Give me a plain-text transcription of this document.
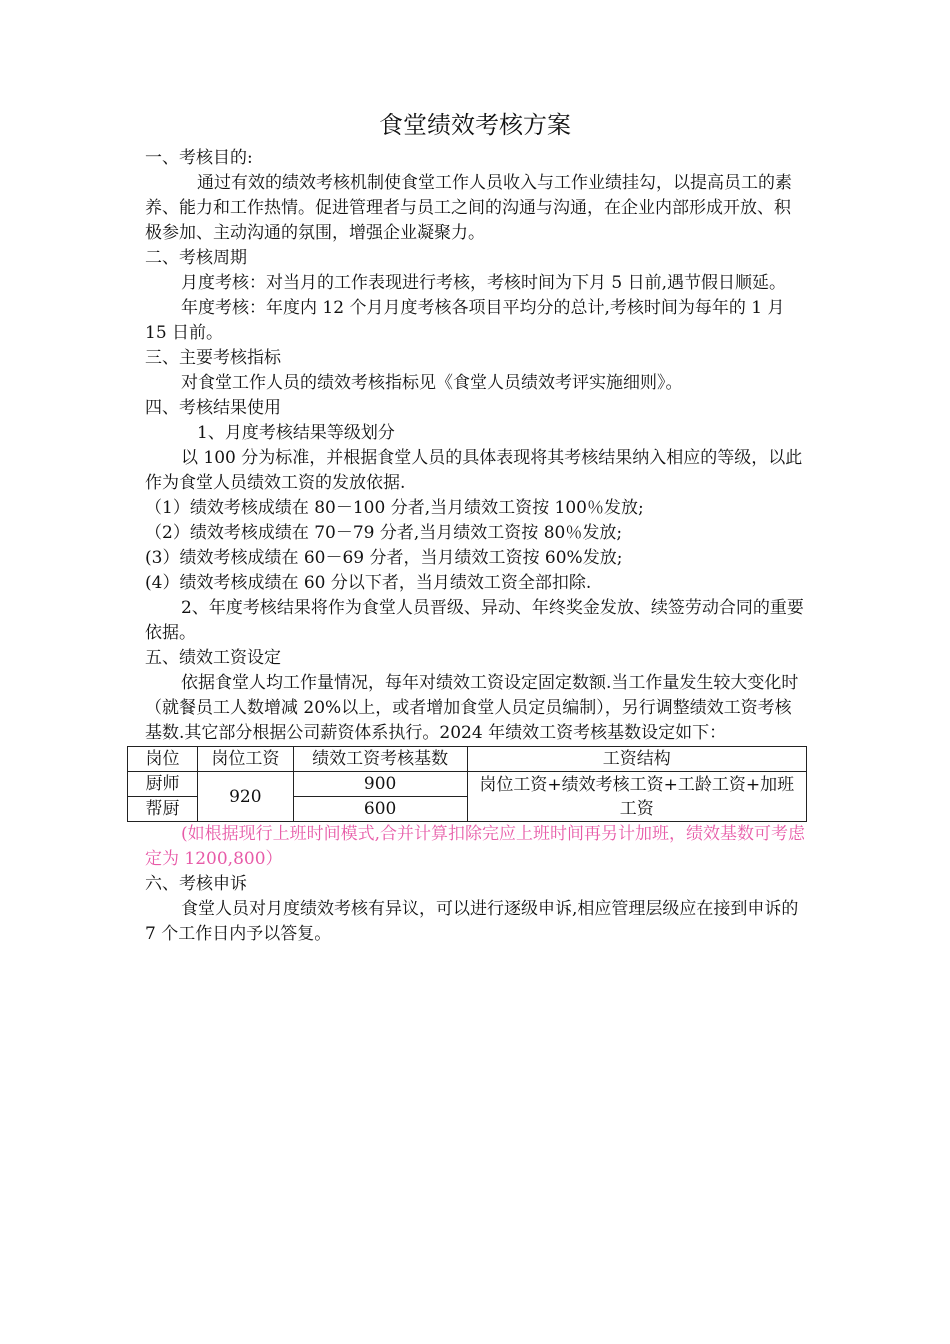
食堂绩效考核方案

一、考核目的:

通过有效的绩效考核机制使食堂工作人员收入与工作业绩挂勾，以提高员工的素养、能力和工作热情。促进管理者与员工之间的沟通与沟通，在企业内部形成开放、积极参加、主动沟通的氛围，增强企业凝聚力。

二、考核周期

月度考核：对当月的工作表现进行考核，考核时间为下月 5 日前,遇节假日顺延。

年度考核：年度内 12 个月月度考核各项目平均分的总计,考核时间为每年的 1 月 15 日前。

三、主要考核指标

对食堂工作人员的绩效考核指标见《食堂人员绩效考评实施细则》。

四、考核结果使用

1、月度考核结果等级划分

以 100 分为标准，并根据食堂人员的具体表现将其考核结果纳入相应的等级，以此作为食堂人员绩效工资的发放依据.

（1）绩效考核成绩在 80－100 分者,当月绩效工资按 100％发放;

（2）绩效考核成绩在 70－79 分者,当月绩效工资按 80％发放;

(3）绩效考核成绩在 60－69 分者，当月绩效工资按 60%发放;

(4）绩效考核成绩在 60 分以下者，当月绩效工资全部扣除.

2、年度考核结果将作为食堂人员晋级、异动、年终奖金发放、续签劳动合同的重要依据。

五、绩效工资设定

依据食堂人均工作量情况，每年对绩效工资设定固定数额.当工作量发生较大变化时（就餐员工人数增减 20%以上，或者增加食堂人员定员编制），另行调整绩效工资考核基数.其它部分根据公司薪资体系执行。2024 年绩效工资考核基数设定如下：

岗位	岗位工资	绩效工资考核基数	工资结构
厨师	920	900	岗位工资+绩效考核工资+工龄工资+加班工资
帮厨		600	

(如根据现行上班时间模式,合并计算扣除完应上班时间再另计加班，绩效基数可考虑定为 1200,800）

六、考核申诉

食堂人员对月度绩效考核有异议，可以进行逐级申诉,相应管理层级应在接到申诉的 7 个工作日内予以答复。
